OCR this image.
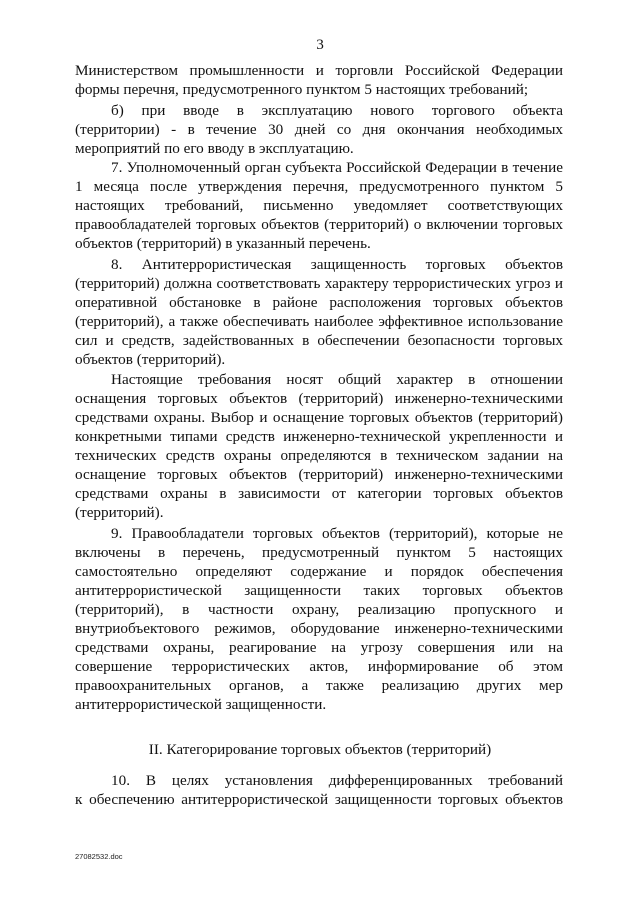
3
Министерством промышленности и торговли Российской Федерации
формы перечня, предусмотренного пунктом 5 настоящих требований;
б) при вводе в эксплуатацию нового торгового объекта
(территории) - в течение 30 дней со дня окончания необходимых
мероприятий по его вводу в эксплуатацию.
7. Уполномоченный орган субъекта Российской Федерации в течение
1 месяца после утверждения перечня, предусмотренного пунктом 5
настоящих требований, письменно уведомляет соответствующих
правообладателей торговых объектов (территорий) о включении торговых
объектов (территорий) в указанный перечень.
8. Антитеррористическая защищенность торговых объектов
(территорий) должна соответствовать характеру террористических угроз и
оперативной обстановке в районе расположения торговых объектов
(территорий), а также обеспечивать наиболее эффективное использование
сил и средств, задействованных в обеспечении безопасности торговых
объектов (территорий).
Настоящие требования носят общий характер в отношении
оснащения торговых объектов (территорий) инженерно-техническими
средствами охраны. Выбор и оснащение торговых объектов (территорий)
конкретными типами средств инженерно-технической укрепленности и
технических средств охраны определяются в техническом задании на
оснащение торговых объектов (территорий) инженерно-техническими
средствами охраны в зависимости от категории торговых объектов
(территорий).
9. Правообладатели торговых объектов (территорий), которые не
включены в перечень, предусмотренный пунктом 5 настоящих
самостоятельно определяют содержание и порядок обеспечения
антитеррористической защищенности таких торговых объектов
(территорий), в частности охрану, реализацию пропускного и
внутриобъектового режимов, оборудование инженерно-техническими
средствами охраны, реагирование на угрозу совершения или на
совершение террористических актов, информирование об этом
правоохранительных органов, а также реализацию других мер
антитеррористической защищенности.
10. В целях установления дифференцированных требований
к обеспечению антитеррористической защищенности торговых объектов
II. Категорирование торговых объектов (территорий)
27082532.doc
